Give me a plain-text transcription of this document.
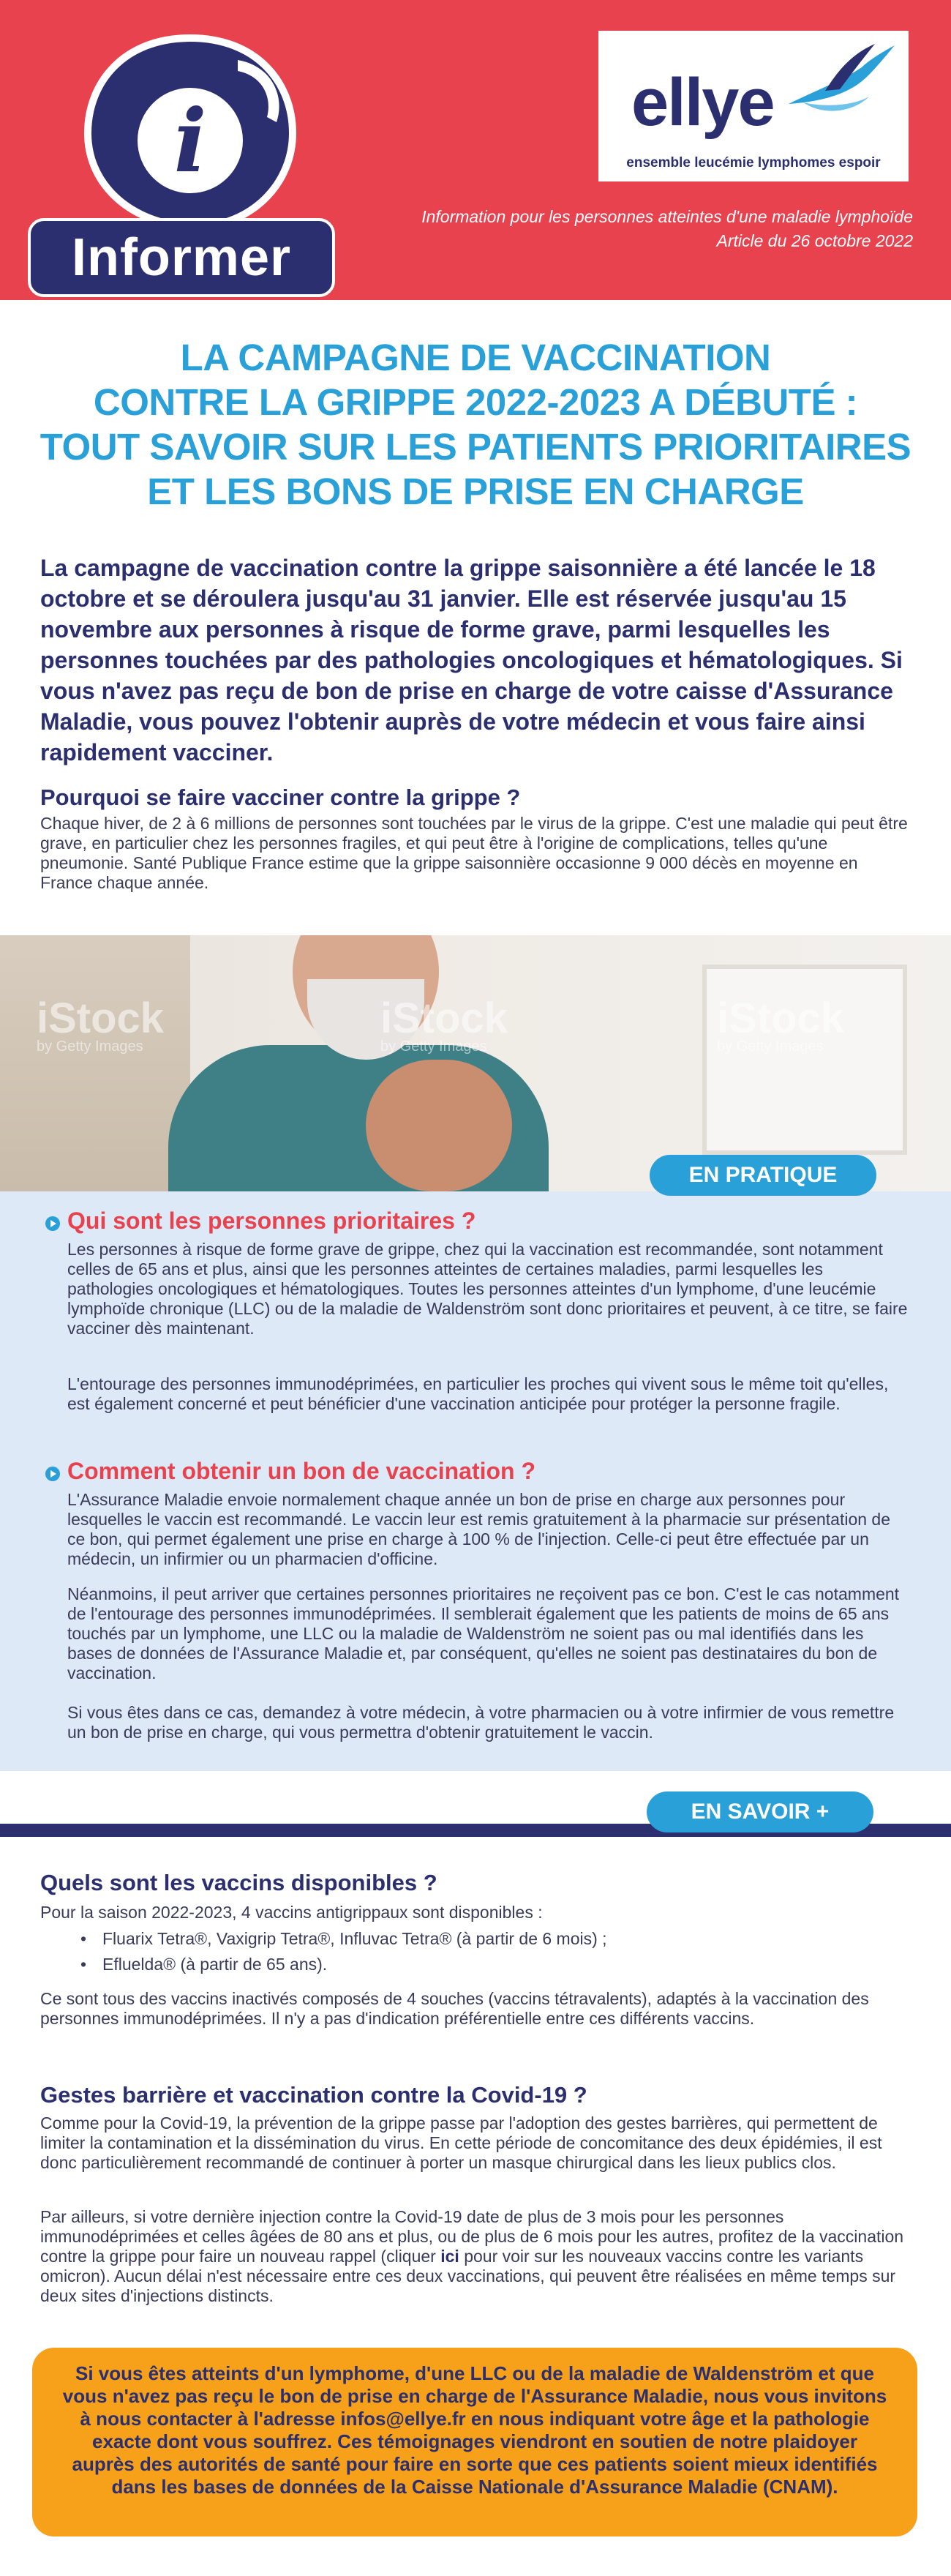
i
Informer
ellye
ensemble leucémie lymphomes espoir
Information pour les personnes atteintes d'une maladie lymphoïde
Article du 26 octobre 2022
LA CAMPAGNE DE VACCINATION
CONTRE LA GRIPPE 2022-2023 A DÉBUTÉ :
TOUT SAVOIR SUR LES PATIENTS PRIORITAIRES
ET LES BONS DE PRISE EN CHARGE

La campagne de vaccination contre la grippe saisonnière a été lancée le 18 octobre et se déroulera jusqu'au 31 janvier. Elle est réservée jusqu'au 15 novembre aux personnes à risque de forme grave, parmi lesquelles les personnes touchées par des pathologies oncologiques et hématologiques. Si vous n'avez pas reçu de bon de prise en charge de votre caisse d'Assurance Maladie, vous pouvez l'obtenir auprès de votre médecin et vous faire ainsi rapidement vacciner.

Pourquoi se faire vacciner contre la grippe ?

Chaque hiver, de 2 à 6 millions de personnes sont touchées par le virus de la grippe. C'est une maladie qui peut être grave, en particulier chez les personnes fragiles, et qui peut être à l'origine de complications, telles qu'une pneumonie. Santé Publique France estime que la grippe saisonnière occasionne 9 000 décès en moyenne en France chaque année.

iStock
by Getty Images
iStock
by Getty Images
iStock
by Getty Images
EN PRATIQUE
Qui sont les personnes prioritaires ?

Les personnes à risque de forme grave de grippe, chez qui la vaccination est recommandée, sont notamment celles de 65 ans et plus, ainsi que les personnes atteintes de certaines maladies, parmi lesquelles les pathologies oncologiques et hématologiques. Toutes les personnes atteintes d'un lymphome, d'une leucémie lymphoïde chronique (LLC) ou de la maladie de Waldenström sont donc prioritaires et peuvent, à ce titre, se faire vacciner dès maintenant.

L'entourage des personnes immunodéprimées, en particulier les proches qui vivent sous le même toit qu'elles, est également concerné et peut bénéficier d'une vaccination anticipée pour protéger la personne fragile.

Comment obtenir un bon de vaccination ?

L'Assurance Maladie envoie normalement chaque année un bon de prise en charge aux personnes pour lesquelles le vaccin est recommandé. Le vaccin leur est remis gratuitement à la pharmacie sur présentation de ce bon, qui permet également une prise en charge à 100 % de l'injection. Celle-ci peut être effectuée par un médecin, un infirmier ou un pharmacien d'officine.

Néanmoins, il peut arriver que certaines personnes prioritaires ne reçoivent pas ce bon. C'est le cas notamment de l'entourage des personnes immunodéprimées. Il semblerait également que les patients de moins de 65 ans touchés par un lymphome, une LLC ou la maladie de Waldenström ne soient pas ou mal identifiés dans les bases de données de l'Assurance Maladie et, par conséquent, qu'elles ne soient pas destinataires du bon de vaccination.

Si vous êtes dans ce cas, demandez à votre médecin, à votre pharmacien ou à votre infirmier de vous remettre un bon de prise en charge, qui vous permettra d'obtenir gratuitement le vaccin.

EN SAVOIR +
Quels sont les vaccins disponibles ?

Pour la saison 2022-2023, 4 vaccins antigrippaux sont disponibles :

• Fluarix Tetra®, Vaxigrip Tetra®, Influvac Tetra® (à partir de 6 mois) ;
• Efluelda® (à partir de 65 ans).

Ce sont tous des vaccins inactivés composés de 4 souches (vaccins tétravalents), adaptés à la vaccination des personnes immunodéprimées. Il n'y a pas d'indication préférentielle entre ces différents vaccins.

Gestes barrière et vaccination contre la Covid-19 ?

Comme pour la Covid-19, la prévention de la grippe passe par l'adoption des gestes barrières, qui permettent de limiter la contamination et la dissémination du virus. En cette période de concomitance des deux épidémies, il est donc particulièrement recommandé de continuer à porter un masque chirurgical dans les lieux publics clos.

Par ailleurs, si votre dernière injection contre la Covid-19 date de plus de 3 mois pour les personnes immunodéprimées et celles âgées de 80 ans et plus, ou de plus de 6 mois pour les autres, profitez de la vaccination contre la grippe pour faire un nouveau rappel (cliquer ici pour voir sur les nouveaux vaccins contre les variants omicron). Aucun délai n'est nécessaire entre ces deux vaccinations, qui peuvent être réalisées en même temps sur deux sites d'injections distincts.

Si vous êtes atteints d'un lymphome, d'une LLC ou de la maladie de Waldenström et que vous n'avez pas reçu le bon de prise en charge de l'Assurance Maladie, nous vous invitons à nous contacter à l'adresse infos@ellye.fr en nous indiquant votre âge et la pathologie exacte dont vous souffrez. Ces témoignages viendront en soutien de notre plaidoyer auprès des autorités de santé pour faire en sorte que ces patients soient mieux identifiés dans les bases de données de la Caisse Nationale d'Assurance Maladie (CNAM).
